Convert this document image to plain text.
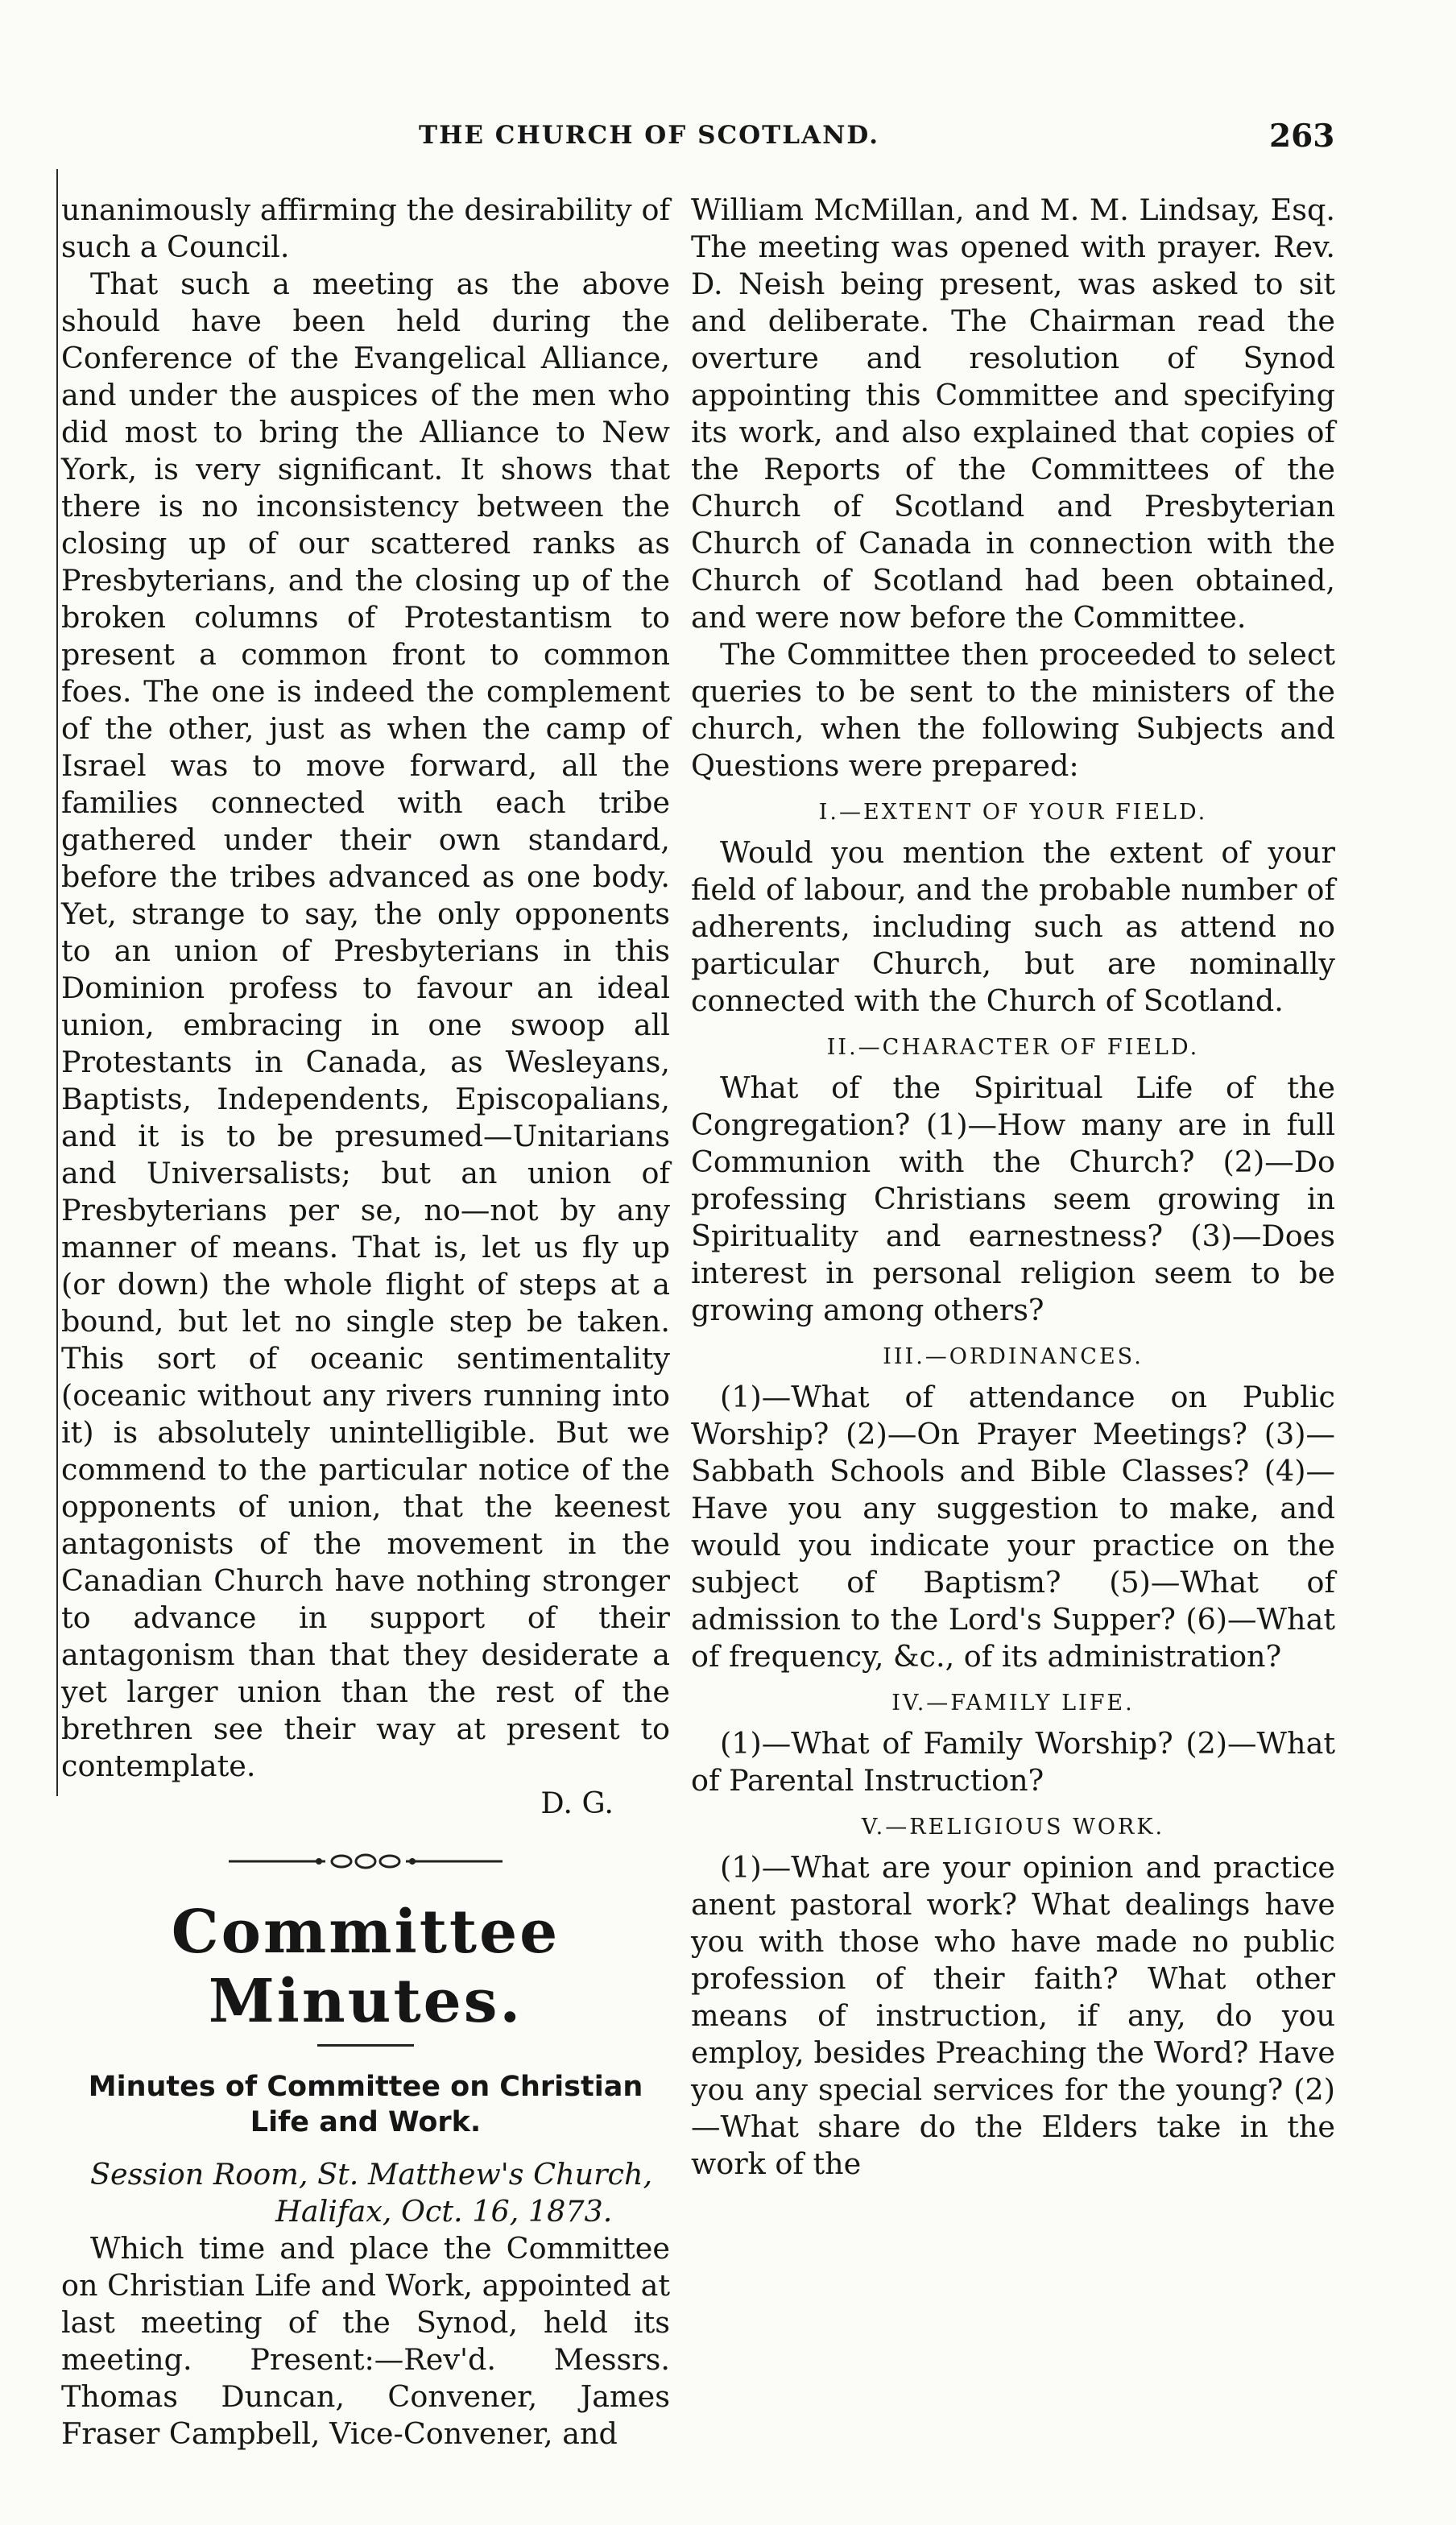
THE CHURCH OF SCOTLAND.	263

unanimously affirming the desirability of such a Council.

That such a meeting as the above should have been held during the Conference of the Evangelical Alliance, and under the auspices of the men who did most to bring the Alliance to New York, is very significant. It shows that there is no inconsistency between the closing up of our scattered ranks as Presbyterians, and the closing up of the broken columns of Protestantism to present a common front to common foes. The one is indeed the complement of the other, just as when the camp of Israel was to move forward, all the families connected with each tribe gathered under their own standard, before the tribes advanced as one body. Yet, strange to say, the only opponents to an union of Presbyterians in this Dominion profess to favour an ideal union, embracing in one swoop all Protestants in Canada, as Wesleyans, Baptists, Independents, Episcopalians, and it is to be presumed—Unitarians and Universalists; but an union of Presbyterians per se, no—not by any manner of means. That is, let us fly up (or down) the whole flight of steps at a bound, but let no single step be taken. This sort of oceanic sentimentality (oceanic without any rivers running into it) is absolutely unintelligible. But we commend to the particular notice of the opponents of union, that the keenest antagonists of the movement in the Canadian Church have nothing stronger to advance in support of their antagonism than that they desiderate a yet larger union than the rest of the brethren see their way at present to contemplate.

D. G.

Committee Minutes.
Minutes of Committee on Christian Life and Work.

Session Room, St. Matthew's Church,

Halifax, Oct. 16, 1873.

Which time and place the Committee on Christian Life and Work, appointed at last meeting of the Synod, held its meeting. Present:—Rev'd. Messrs. Thomas Duncan, Convener, James Fraser Campbell, Vice-Convener, and

William McMillan, and M. M. Lindsay, Esq. The meeting was opened with prayer. Rev. D. Neish being present, was asked to sit and deliberate. The Chairman read the overture and resolution of Synod appointing this Committee and specifying its work, and also explained that copies of the Reports of the Committees of the Church of Scotland and Presbyterian Church of Canada in connection with the Church of Scotland had been obtained, and were now before the Committee.

The Committee then proceeded to select queries to be sent to the ministers of the church, when the following Subjects and Questions were prepared:

I.—EXTENT OF YOUR FIELD.

Would you mention the extent of your field of labour, and the probable number of adherents, including such as attend no particular Church, but are nominally connected with the Church of Scotland.

II.—CHARACTER OF FIELD.

What of the Spiritual Life of the Congregation? (1)—How many are in full Communion with the Church? (2)—Do professing Christians seem growing in Spirituality and earnestness? (3)—Does interest in personal religion seem to be growing among others?

III.—ORDINANCES.

(1)—What of attendance on Public Worship? (2)—On Prayer Meetings? (3)—Sabbath Schools and Bible Classes? (4)—Have you any suggestion to make, and would you indicate your practice on the subject of Baptism? (5)—What of admission to the Lord's Supper? (6)—What of frequency, &c., of its administration?

IV.—FAMILY LIFE.

(1)—What of Family Worship? (2)—What of Parental Instruction?

V.—RELIGIOUS WORK.

(1)—What are your opinion and practice anent pastoral work? What dealings have you with those who have made no public profession of their faith? What other means of instruction, if any, do you employ, besides Preaching the Word? Have you any special services for the young? (2)—What share do the Elders take in the work of the
